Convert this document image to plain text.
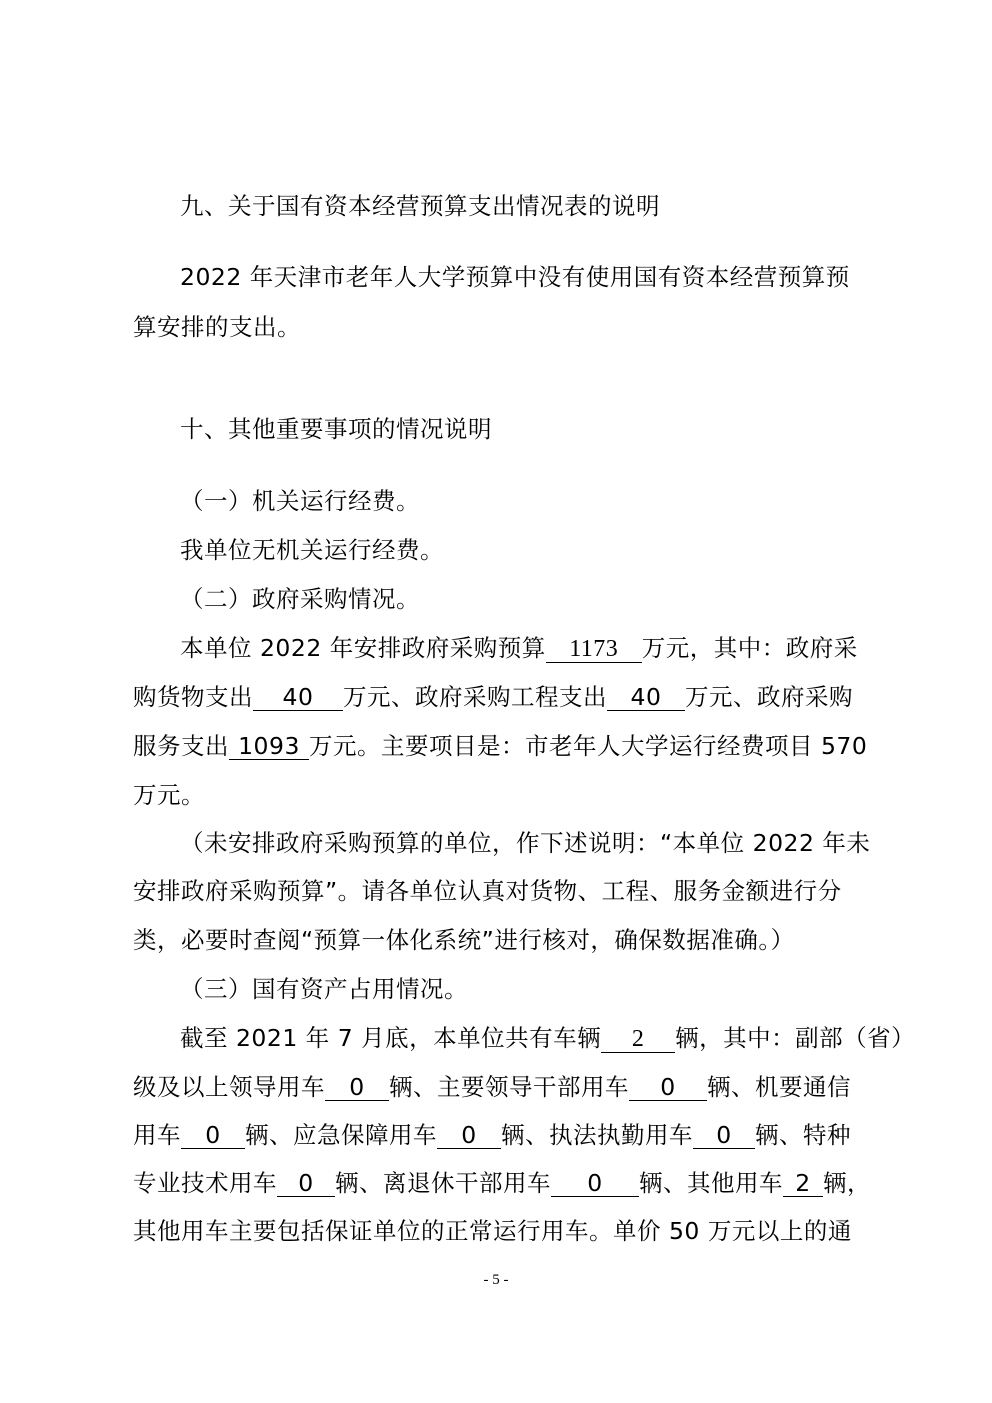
九、关于国有资本经营预算支出情况表的说明
2022 年天津市老年人大学预算中没有使用国有资本经营预算预
算安排的支出。
十、其他重要事项的情况说明
（一）机关运行经费。
我单位无机关运行经费。
（二）政府采购情况。
本单位 2022 年安排政府采购预算 1173 万元，其中：政府采
购货物支出 40 万元、政府采购工程支出 40 万元、政府采购
服务支出 1093 万元。主要项目是：市老年人大学运行经费项目 570
万元。
（未安排政府采购预算的单位，作下述说明：“本单位 2022 年未
安排政府采购预算”。请各单位认真对货物、工程、服务金额进行分
类，必要时查阅“预算一体化系统”进行核对，确保数据准确。）
（三）国有资产占用情况。
截至 2021 年 7 月底，本单位共有车辆 2 辆，其中：副部（省）
级及以上领导用车 0 辆、主要领导干部用车 0 辆、机要通信
用车 0 辆、应急保障用车 0 辆、执法执勤用车 0 辆、特种
专业技术用车 0 辆、离退休干部用车 0 辆、其他用车 2 辆，
其他用车主要包括保证单位的正常运行用车。单价 50 万元以上的通
- 5 -
